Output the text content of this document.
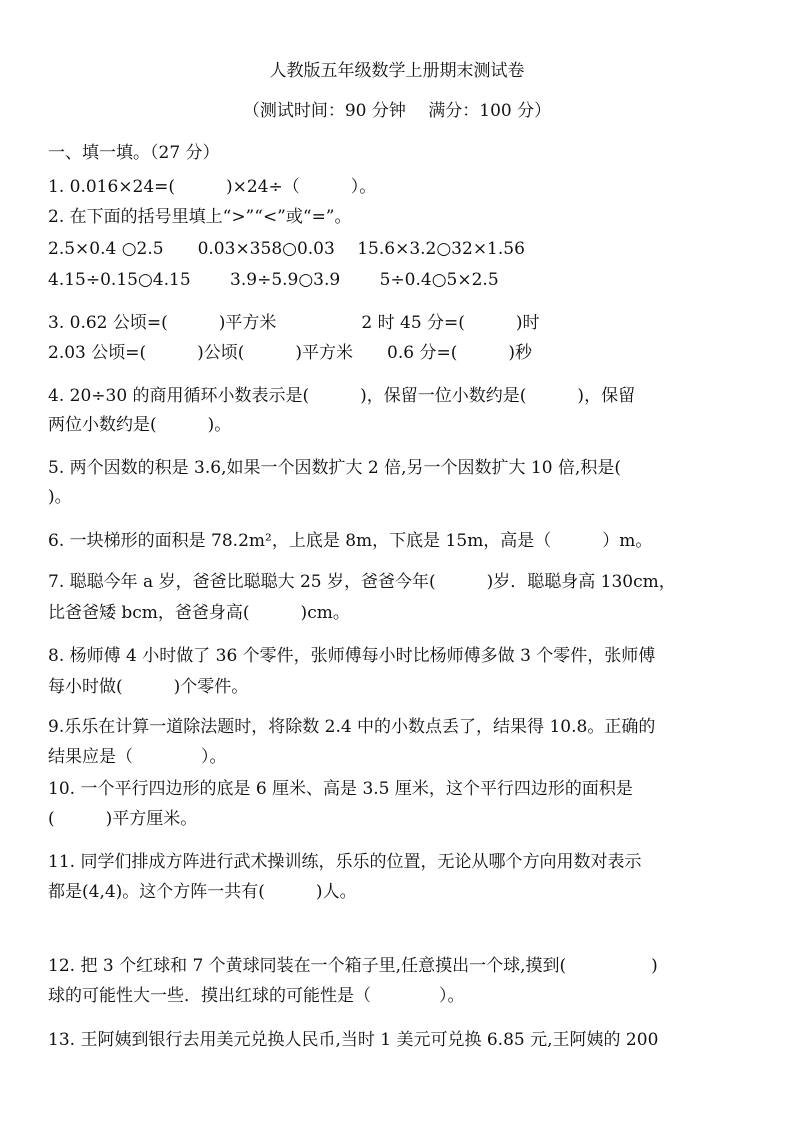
人教版五年级数学上册期末测试卷
（测试时间：90 分钟　 满分：100 分）
一、填一填。（27 分）
1. 0.016×24=(　　　)×24÷（　　　）。
2. 在下面的括号里填上“>”“<”或“=”。
2.5×0.4 ○2.5　　0.03×358○0.03　 15.6×3.2○32×1.56
4.15÷0.15○4.15　　 3.9÷5.9○3.9　　 5÷0.4○5×2.5
3. 0.62 公顷=(　　　)平方米　　　　　2 时 45 分=(　　　)时
2.03 公顷=(　　　)公顷(　　　)平方米　　0.6 分=(　　　)秒
4. 20÷30 的商用循环小数表示是(　　　)，保留一位小数约是(　　　)，保留
两位小数约是(　　　)。
5. 两个因数的积是 3.6,如果一个因数扩大 2 倍,另一个因数扩大 10 倍,积是(
)。
6. 一块梯形的面积是 78.2m²，上底是 8m，下底是 15m，高是（　　　）m。
7. 聪聪今年 a 岁，爸爸比聪聪大 25 岁，爸爸今年(　　　)岁．聪聪身高 130cm，
比爸爸矮 bcm，爸爸身高(　　　)cm。
8. 杨师傅 4 小时做了 36 个零件，张师傅每小时比杨师傅多做 3 个零件，张师傅
每小时做(　　　)个零件。
9.乐乐在计算一道除法题时，将除数 2.4 中的小数点丢了，结果得 10.8。正确的
结果应是（　　　　）。
10. 一个平行四边形的底是 6 厘米、高是 3.5 厘米，这个平行四边形的面积是
(　　　)平方厘米。
11. 同学们排成方阵进行武术操训练，乐乐的位置，无论从哪个方向用数对表示
都是(4,4)。这个方阵一共有(　　　)人。
12. 把 3 个红球和 7 个黄球同装在一个箱子里,任意摸出一个球,摸到(　　　　　)
球的可能性大一些．摸出红球的可能性是（　　　　）。
13. 王阿姨到银行去用美元兑换人民币,当时 1 美元可兑换 6.85 元,王阿姨的 200
